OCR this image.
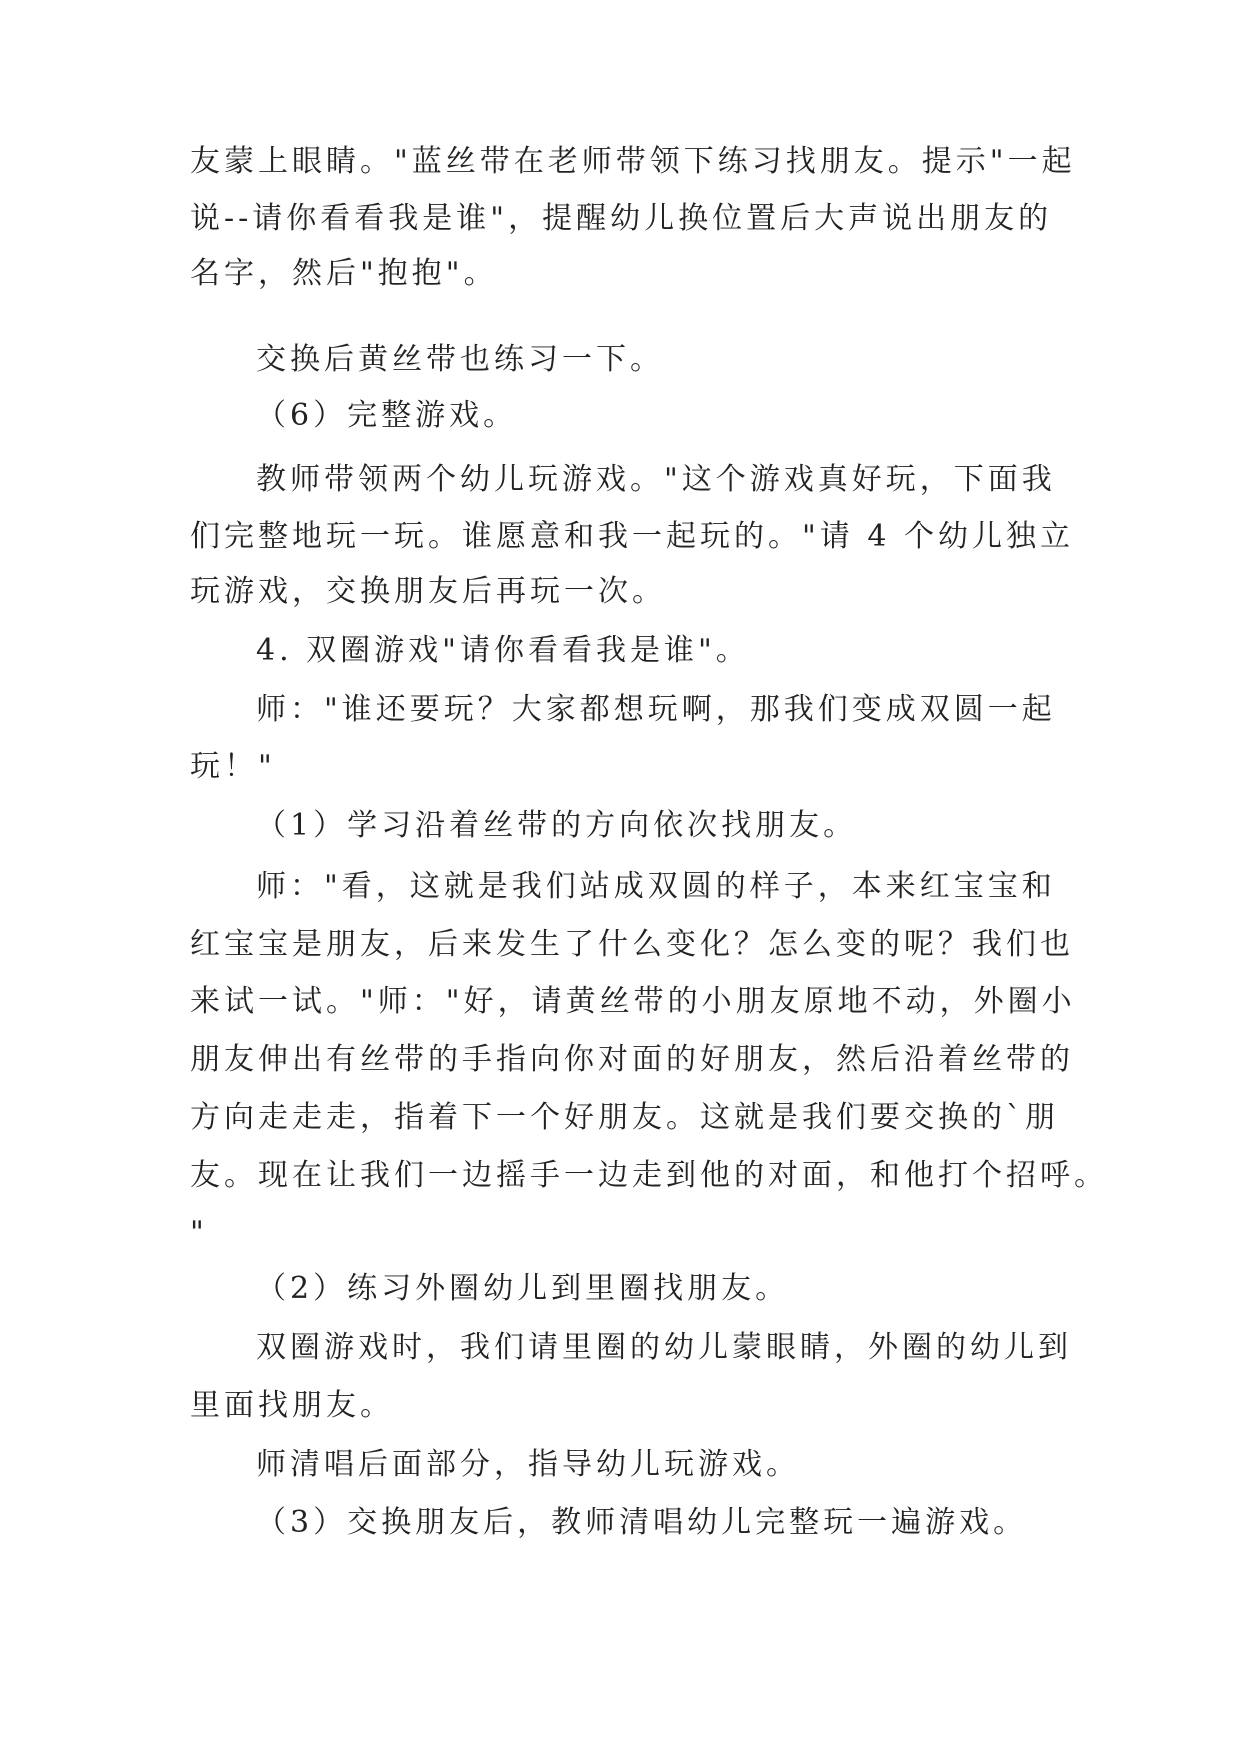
友蒙上眼睛。"蓝丝带在老师带领下练习找朋友。提示"一起
说--请你看看我是谁"，提醒幼儿换位置后大声说出朋友的
名字，然后"抱抱"。
交换后黄丝带也练习一下。
（6）完整游戏。
教师带领两个幼儿玩游戏。"这个游戏真好玩，下面我
们完整地玩一玩。谁愿意和我一起玩的。"请 4 个幼儿独立
玩游戏，交换朋友后再玩一次。
4. 双圈游戏"请你看看我是谁"。
师："谁还要玩？大家都想玩啊，那我们变成双圆一起
玩！"
（1）学习沿着丝带的方向依次找朋友。
师："看，这就是我们站成双圆的样子，本来红宝宝和
红宝宝是朋友，后来发生了什么变化？怎么变的呢？我们也
来试一试。"师："好，请黄丝带的小朋友原地不动，外圈小
朋友伸出有丝带的手指向你对面的好朋友，然后沿着丝带的
方向走走走，指着下一个好朋友。这就是我们要交换的`朋
友。现在让我们一边摇手一边走到他的对面，和他打个招呼。
"
（2）练习外圈幼儿到里圈找朋友。
双圈游戏时，我们请里圈的幼儿蒙眼睛，外圈的幼儿到
里面找朋友。
师清唱后面部分，指导幼儿玩游戏。
（3）交换朋友后，教师清唱幼儿完整玩一遍游戏。
